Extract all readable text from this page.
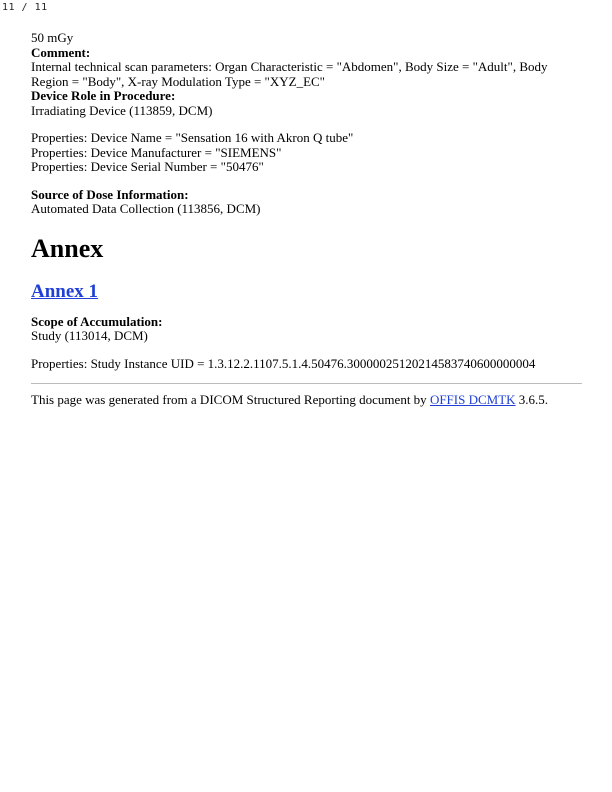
11 / 11
50 mGy
Comment:
Internal technical scan parameters: Organ Characteristic = "Abdomen", Body Size = "Adult", Body Region = "Body", X-ray Modulation Type = "XYZ_EC"
Device Role in Procedure:
Irradiating Device (113859, DCM)
Properties: Device Name = "Sensation 16 with Akron Q tube"
Properties: Device Manufacturer = "SIEMENS"
Properties: Device Serial Number = "50476"
Source of Dose Information:
Automated Data Collection (113856, DCM)
Annex
Annex 1
Scope of Accumulation:
Study (113014, DCM)
Properties: Study Instance UID = 1.3.12.2.1107.5.1.4.50476.30000025120214583740600000004
This page was generated from a DICOM Structured Reporting document by OFFIS DCMTK 3.6.5.
